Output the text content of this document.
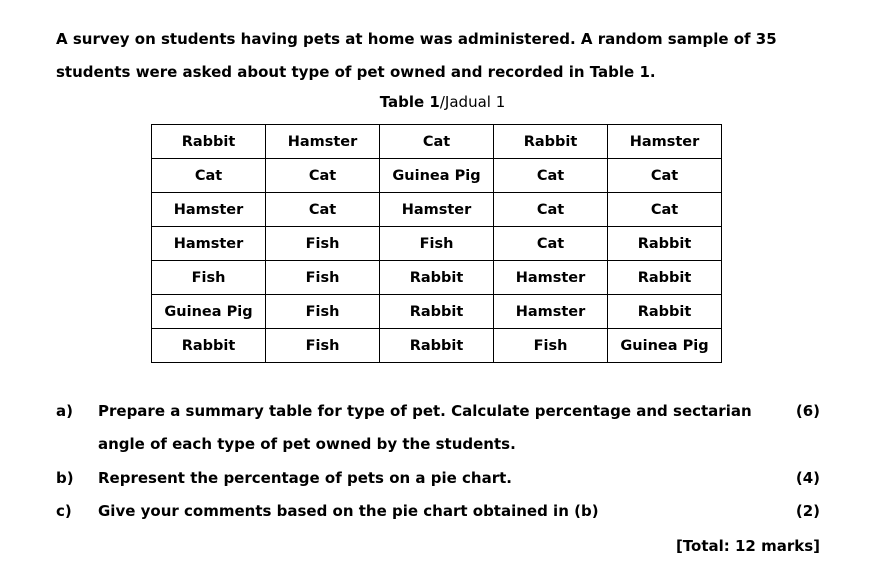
A survey on students having pets at home was administered. A random sample of 35 students were asked about type of pet owned and recorded in Table 1.

Table 1/Jadual 1
Rabbit	Hamster	Cat	Rabbit	Hamster
Cat	Cat	Guinea Pig	Cat	Cat
Hamster	Cat	Hamster	Cat	Cat
Hamster	Fish	Fish	Cat	Rabbit
Fish	Fish	Rabbit	Hamster	Rabbit
Guinea Pig	Fish	Rabbit	Hamster	Rabbit
Rabbit	Fish	Rabbit	Fish	Guinea Pig
a) Prepare a summary table for type of pet. Calculate percentage and sectarian angle of each type of pet owned by the students.
(6)
b) Represent the percentage of pets on a pie chart.	(4)
c) Give your comments based on the pie chart obtained in (b)	(2)
[Total: 12 marks]
